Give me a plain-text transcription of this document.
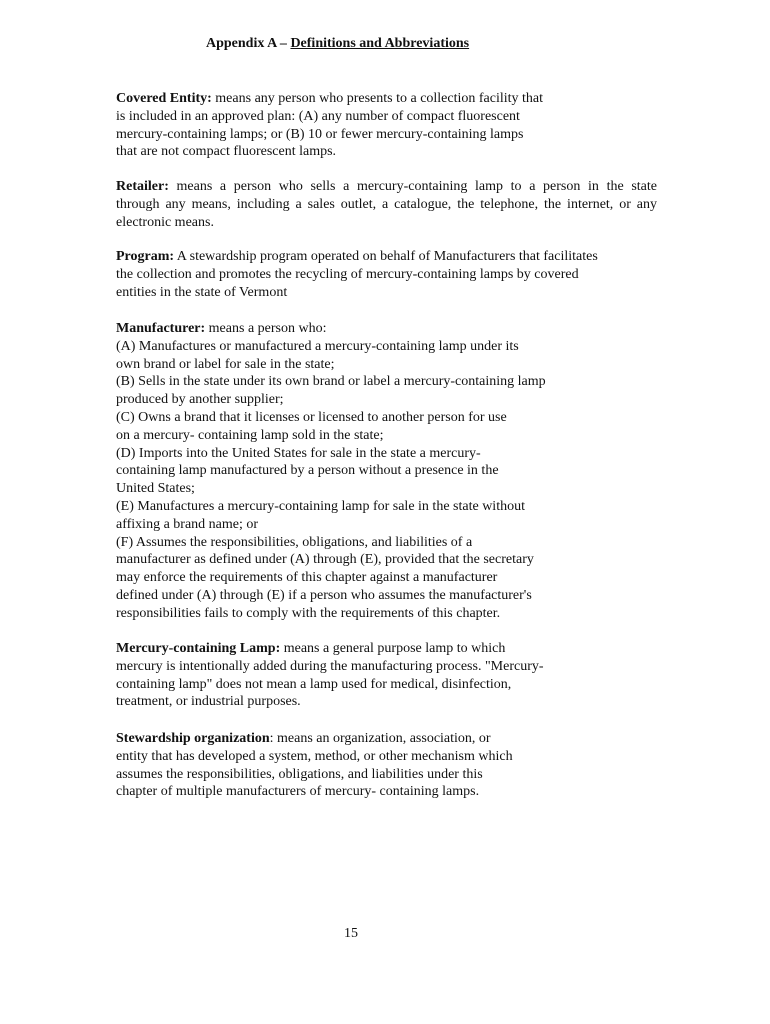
Appendix A – Definitions and Abbreviations
Covered Entity: means any person who presents to a collection facility that
is included in an approved plan: (A) any number of compact fluorescent
mercury-containing lamps; or (B) 10 or fewer mercury-containing lamps
that are not compact fluorescent lamps.
Retailer: means a person who sells a mercury-containing lamp to a person in the state
through any means, including a sales outlet, a catalogue, the telephone, the internet, or any
electronic means.
Program: A stewardship program operated on behalf of Manufacturers that facilitates
the collection and promotes the recycling of mercury-containing lamps by covered
entities in the state of Vermont
Manufacturer: means a person who:
(A) Manufactures or manufactured a mercury-containing lamp under its
own brand or label for sale in the state;
(B) Sells in the state under its own brand or label a mercury-containing lamp
produced by another supplier;
(C) Owns a brand that it licenses or licensed to another person for use
on a mercury- containing lamp sold in the state;
(D) Imports into the United States for sale in the state a mercury-
containing lamp manufactured by a person without a presence in the
United States;
(E) Manufactures a mercury-containing lamp for sale in the state without
affixing a brand name; or
(F) Assumes the responsibilities, obligations, and liabilities of a
manufacturer as defined under (A) through (E), provided that the secretary
may enforce the requirements of this chapter against a manufacturer
defined under (A) through (E) if a person who assumes the manufacturer's
responsibilities fails to comply with the requirements of this chapter.
Mercury-containing Lamp: means a general purpose lamp to which
mercury is intentionally added during the manufacturing process. "Mercury-
containing lamp" does not mean a lamp used for medical, disinfection,
treatment, or industrial purposes.
Stewardship organization: means an organization, association, or
entity that has developed a system, method, or other mechanism which
assumes the responsibilities, obligations, and liabilities under this
chapter of multiple manufacturers of mercury- containing lamps.
15
